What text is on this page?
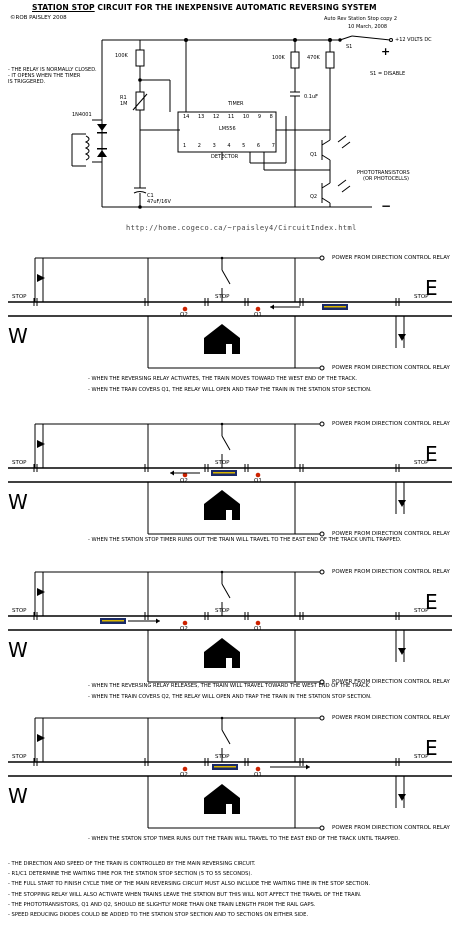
STATION STOP CIRCUIT FOR THE INEXPENSIVE AUTOMATIC REVERSING SYSTEM
©ROB PAISLEY 2008	Auto Rev Station Stop copy 2
10 March, 2008
- THE RELAY IS NORMALLY CLOSED.
- IT OPENS WHEN THE TIMER
IS TRIGGERED.
1N4001
100K
R1
1M
C1
47uF/16V
100K	470K
S1
+12 VOLTS DC
+
−
S1 = DISABLE
0.1uF
TIMER
LM556
DETECTOR
14 13 12 11 10 9 8
1 2 3 4 5 6 7
Q1
Q2
PHOTOTRANSISTORS
(OR PHOTOCELLS)
http://home.cogeco.ca/~rpaisley4/CircuitIndex.html
- THE DIRECTION AND SPEED OF THE TRAIN IS CONTROLLED BY THE MAIN REVERSING CIRCUIT.
- R1/C1 DETERMINE THE WAITING TIME FOR THE STATION STOP SECTION (5 TO 55 SECONDS).
- THE FULL START TO FINISH CYCLE TIME OF THE MAIN REVERSING CIRCUIT MUST ALSO INCLUDE THE WAITING TIME IN THE STOP SECTION.
- THE STOPPING RELAY WILL ALSO ACTIVATE WHEN TRAINS LEAVE THE STATION BUT THIS WILL NOT AFFECT THE TRAVEL OF THE TRAIN.
- THE PHOTOTRANSISTORS, Q1 AND Q2, SHOULD BE SLIGHTLY MORE THAN ONE TRAIN LENGTH FROM THE RAIL GAPS.
- SPEED REDUCING DIODES COULD BE ADDED TO THE STATION STOP SECTION AND TO SECTIONS ON EITHER SIDE.
POWER FROM DIRECTION CONTROL RELAY
POWER FROM DIRECTION CONTROL RELAY
E
W
STOP	STOP	STOP
Q2	Q1
- WHEN THE REVERSING RELAY ACTIVATES, THE TRAIN MOVES TOWARD THE WEST END OF THE TRACK.
- WHEN THE TRAIN COVERS Q1, THE RELAY WILL OPEN AND TRAP THE TRAIN IN THE STATION STOP SECTION.
POWER FROM DIRECTION CONTROL RELAY
POWER FROM DIRECTION CONTROL RELAY
E
W
STOP	STOP	STOP
Q2	Q1
- WHEN THE STATION STOP TIMER RUNS OUT THE TRAIN WILL TRAVEL TO THE EAST END OF THE TRACK UNTIL TRAPPED.
POWER FROM DIRECTION CONTROL RELAY
POWER FROM DIRECTION CONTROL RELAY
E
W
STOP	STOP	STOP
Q2	Q1
- WHEN THE REVERSING RELAY RELEASES, THE TRAIN WILL TRAVEL TOWARD THE WEST END OF THE TRACK.
- WHEN THE TRAIN COVERS Q2, THE RELAY WILL OPEN AND TRAP THE TRAIN IN THE STATION STOP SECTION.
POWER FROM DIRECTION CONTROL RELAY
POWER FROM DIRECTION CONTROL RELAY
E
W
STOP	STOP	STOP
Q2	Q1
- WHEN THE STATON STOP TIMER RUNS OUT THE TRAIN WILL TRAVEL TO THE EAST END OF THE TRACK UNTIL TRAPPED.
